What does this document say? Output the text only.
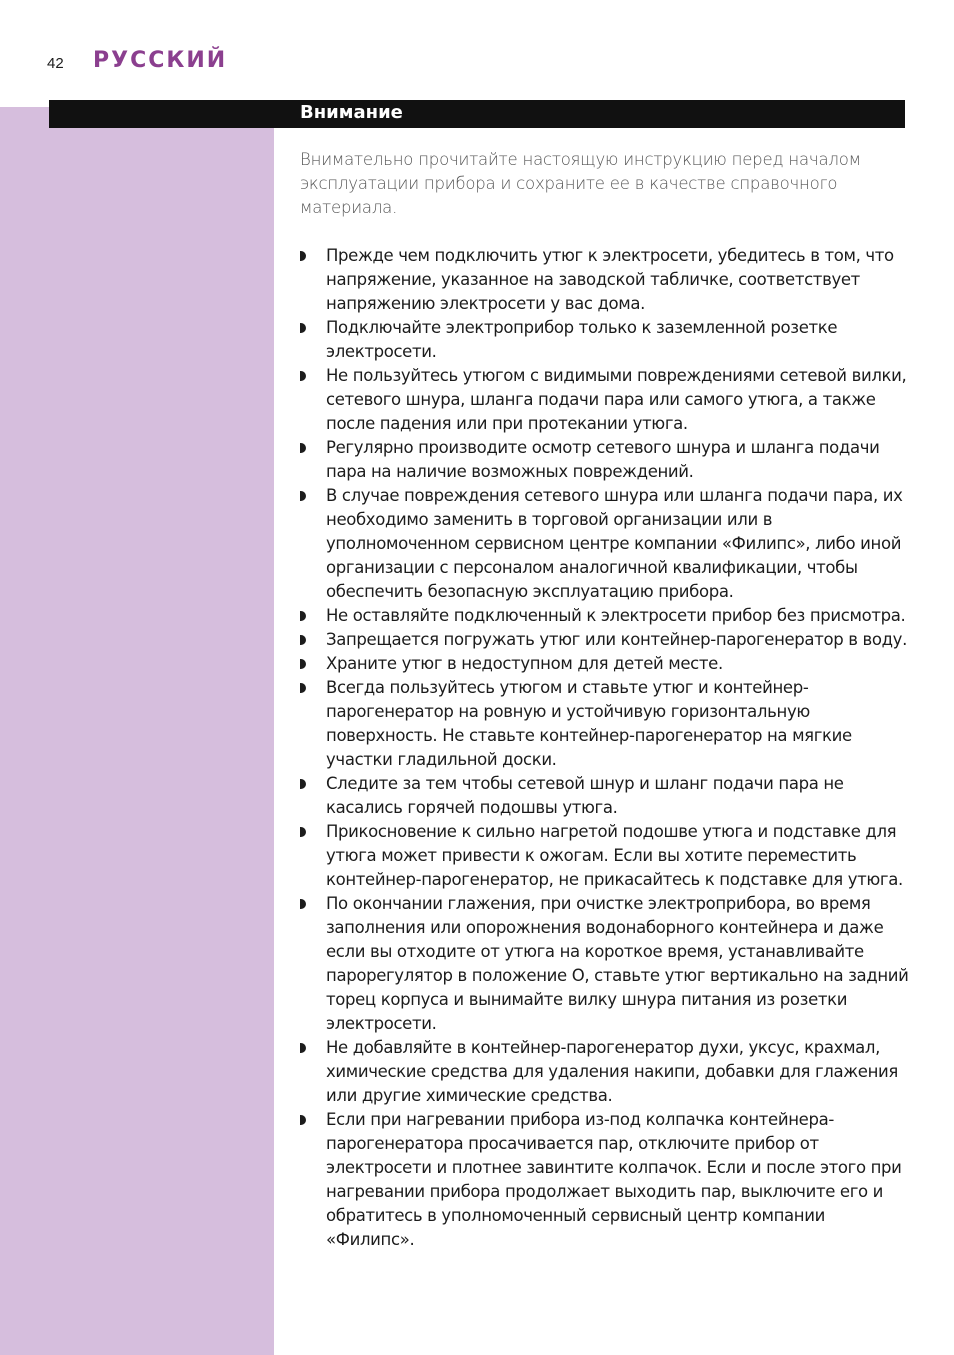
42 РУССКИЙ
Внимание

Внимательно прочитайте настоящую инструкцию перед началом эксплуатации прибора и сохраните ее в качестве справочного материала.

Прежде чем подключить утюг к электросети, убедитесь в том, что напряжение, указанное на заводской табличке, соответствует напряжению электросети у вас дома.
Подключайте электроприбор только к заземленной розетке электросети.
Не пользуйтесь утюгом с видимыми повреждениями сетевой вилки, сетевого шнура, шланга подачи пара или самого утюга, а также после падения или при протекании утюга.
Регулярно производите осмотр сетевого шнура и шланга подачи пара на наличие возможных повреждений.
В случае повреждения сетевого шнура или шланга подачи пара, их необходимо заменить в торговой организации или в уполномоченном сервисном центре компании «Филипс», либо иной организации с персоналом аналогичной квалификации, чтобы обеспечить безопасную эксплуатацию прибора.
Не оставляйте подключенный к электросети прибор без присмотра.
Запрещается погружать утюг или контейнер-парогенератор в воду.
Храните утюг в недоступном для детей месте.
Всегда пользуйтесь утюгом и ставьте утюг и контейнер-парогенератор на ровную и устойчивую горизонтальную поверхность. Не ставьте контейнер-парогенератор на мягкие участки гладильной доски.
Следите за тем чтобы сетевой шнур и шланг подачи пара не касались горячей подошвы утюга.
Прикосновение к сильно нагретой подошве утюга и подставке для утюга может привести к ожогам. Если вы хотите переместить контейнер-парогенератор, не прикасайтесь к подставке для утюга.
По окончании глажения, при очистке электроприбора, во время заполнения или опорожнения водонаборного контейнера и даже если вы отходите от утюга на короткое время, устанавливайте парорегулятор в положение O, ставьте утюг вертикально на задний торец корпуса и вынимайте вилку шнура питания из розетки электросети.
Не добавляйте в контейнер-парогенератор духи, уксус, крахмал, химические средства для удаления накипи, добавки для глажения или другие химические средства.
Если при нагревании прибора из-под колпачка контейнера-парогенератора просачивается пар, отключите прибор от электросети и плотнее завинтите колпачок. Если и после этого при нагревании прибора продолжает выходить пар, выключите его и обратитесь в уполномоченный сервисный центр компании «Филипс».
